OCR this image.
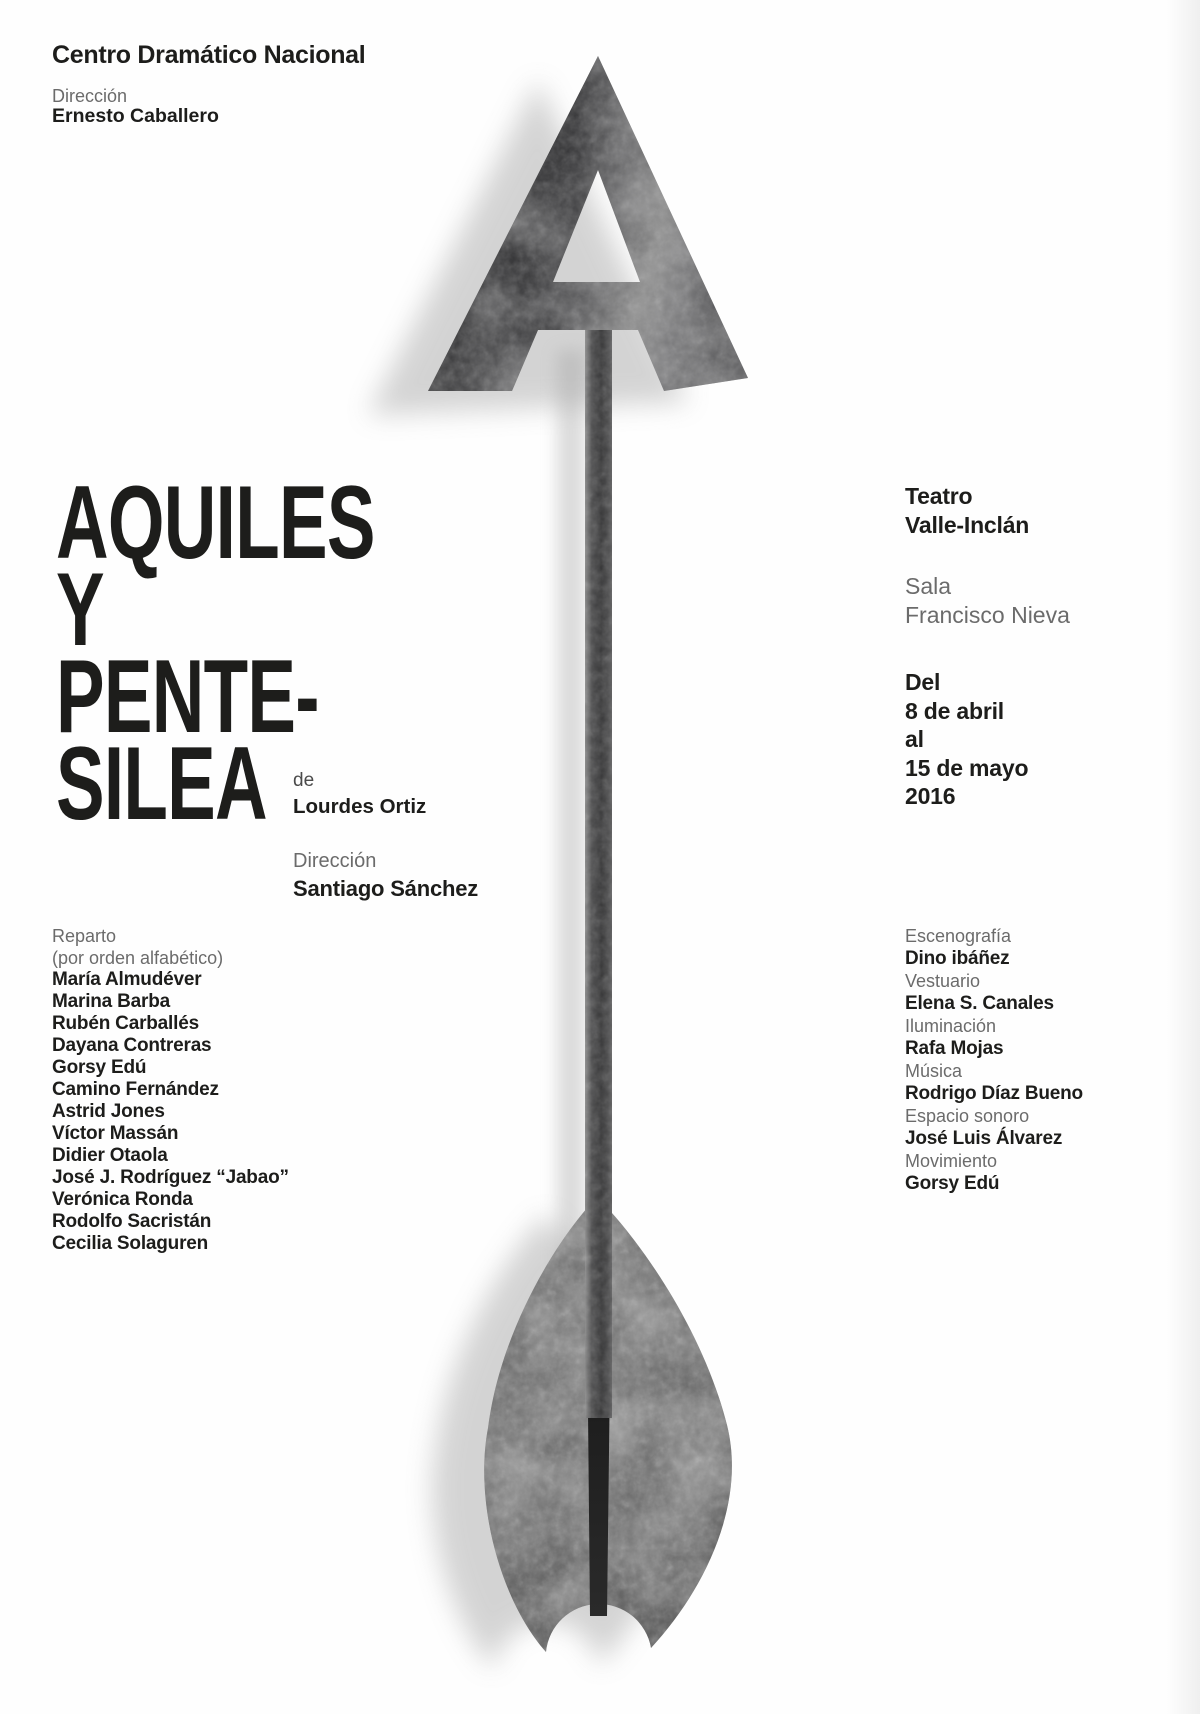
Centro Dramático Nacional
Dirección
Ernesto Caballero
AQUILES
Y
PENTE-
SILEA	de
Lourdes Ortiz
Dirección
Santiago Sánchez
Teatro
Valle-Inclán
Sala
Francisco Nieva
Del
8 de abril
al
15 de mayo
2016
Reparto
(por orden alfabético)
María Almudéver
Marina Barba
Rubén Carballés
Dayana Contreras
Gorsy Edú
Camino Fernández
Astrid Jones
Víctor Massán
Didier Otaola
José J. Rodríguez “Jabao”
Verónica Ronda
Rodolfo Sacristán
Cecilia Solaguren
Escenografía
Dino ibáñez
Vestuario
Elena S. Canales
Iluminación
Rafa Mojas
Música
Rodrigo Díaz Bueno
Espacio sonoro
José Luis Álvarez
Movimiento
Gorsy Edú
